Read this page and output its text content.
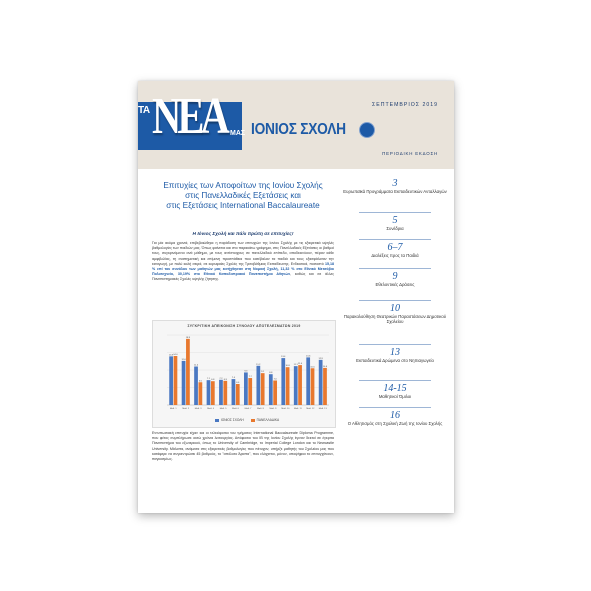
ΣΕΠΤΕΜΒΡΙΟΣ 2019
ΤΑ ΝΕΑ ΜΑΣ ΙΟΝΙΟΣ ΣΧΟΛΗ
ΠΕΡΙΟΔΙΚΗ ΕΚΔΟΣΗ
Επιτυχίες των Αποφοίτων της Ιονίου Σχολής
στις Πανελλαδικές Εξετάσεις και
στις Εξετάσεις International Baccalaureate
Η Ιόνιος Σχολή και πάλι πρώτη σε επιτυχίες!
Για μία ακόμα χρονιά, επιβεβαιώθηκε η παράδοση των επιτυχιών της Ιονίου Σχολής με τις εξαιρετικά υψηλές βαθμολογίες των παιδιών μας. Όπως φαίνεται και στο παρακάτω γράφημα, στις Πανελλαδικές Εξετάσεις οι βαθμοί τους, συγκρινόμενοι ανά μάθημα, με τους αντίστοιχους σε πανελλαδικό επίπεδο, αποδεικνύουν, πέραν κάθε αμφιβολίας, τη συστηματική και επίμονη προσπάθεια που κατέβαλαν τα παιδιά και τους εξασφάλισαν την εισαγωγή, με πολύ καλή σειρά, σε κορυφαίες Σχολές της Τριτοβάθμιας Εκπαίδευσης. Ενδεικτικά, ποσοστό 15,18 % επί του συνόλου των μαθητών μας εισήχθησαν στη Νομική Σχολή, 11,32 % στο Εθνικό Μετσόβιο Πολυτεχνείο, 30,19% στο Εθνικό Καποδιστριακό Πανεπιστήμιο Αθηνών, καθώς και σε άλλες Πανεπιστημιακές Σχολές υψηλής ζήτησης.
ΣΥΓΚΡΙΤΙΚΗ ΑΠΕΙΚΟΝΙΣΗ ΣΥΝΟΛΟΥ ΑΠΟΤΕΛΕΣΜΑΤΩΝ 2019
13.9 14.0
Μάθ. 1
12.6
18.9
Μάθ. 2
11.0
6.5
Μάθ. 3
7.1
6.8
Μάθ. 4
7.2
6.9
Μάθ. 5
7.4
6.0
Μάθ. 6
9.3
7.7
Μάθ. 7
11.2
9.1
Μάθ. 8
8.8
7.0
Μάθ. 9
13.4
10.8
Μάθ. 10
11.1
11.4
Μάθ. 11
13.6
10.5
Μάθ. 12
12.9
10.6
Μάθ. 13
ΙΟΝΙΟΣ ΣΧΟΛΗ	ΠΑΝΕΛΛΑΔΙΚΑ
Εντυπωσιακή επιτυχία είχαν και οι τελειόφοιτοι του τμήματος International Baccalaureate Diploma Programme, που φέτος συμπλήρωσε οκτώ χρόνια λειτουργίας. Απόφοιτοι του IB της Ιονίου Σχολής έγιναν δεκτοί σε έγκριτα Πανεπιστήμια του εξωτερικού, όπως το University of Cambridge, το Imperial College London και το Newcastle University. Μάλιστα, ανάμεσα στις εξαιρετικές βαθμολογίες που πέτυχαν, υπήρξε μαθητής του Σχολείου μας που κατάφερε να συγκεντρώσει 45 βαθμούς, το ''απόλυτο Άριστα'', που ελάχιστοι, μόνον, υποψήφιοι το επιτυγχάνουν, παγκοσμίως.
3
Ευρωπαϊκά Προγράμματα Εκπαιδευτικών Ανταλλαγών
5
Συνέδρια
6–7
Διαλέξεις προς τα Παιδιά
9
Εθελοντικές Δράσεις
10
Παρακολούθηση Θεατρικών Παραστάσεων Δημοτικού Σχολείου
13
Εκπαιδευτικά Δρώμενα στο Νηπιαγωγείο
14-15
Μαθητικοί Όμιλοι
16
Ο Αθλητισμός στη Σχολική Ζωή της Ιονίου Σχολής
